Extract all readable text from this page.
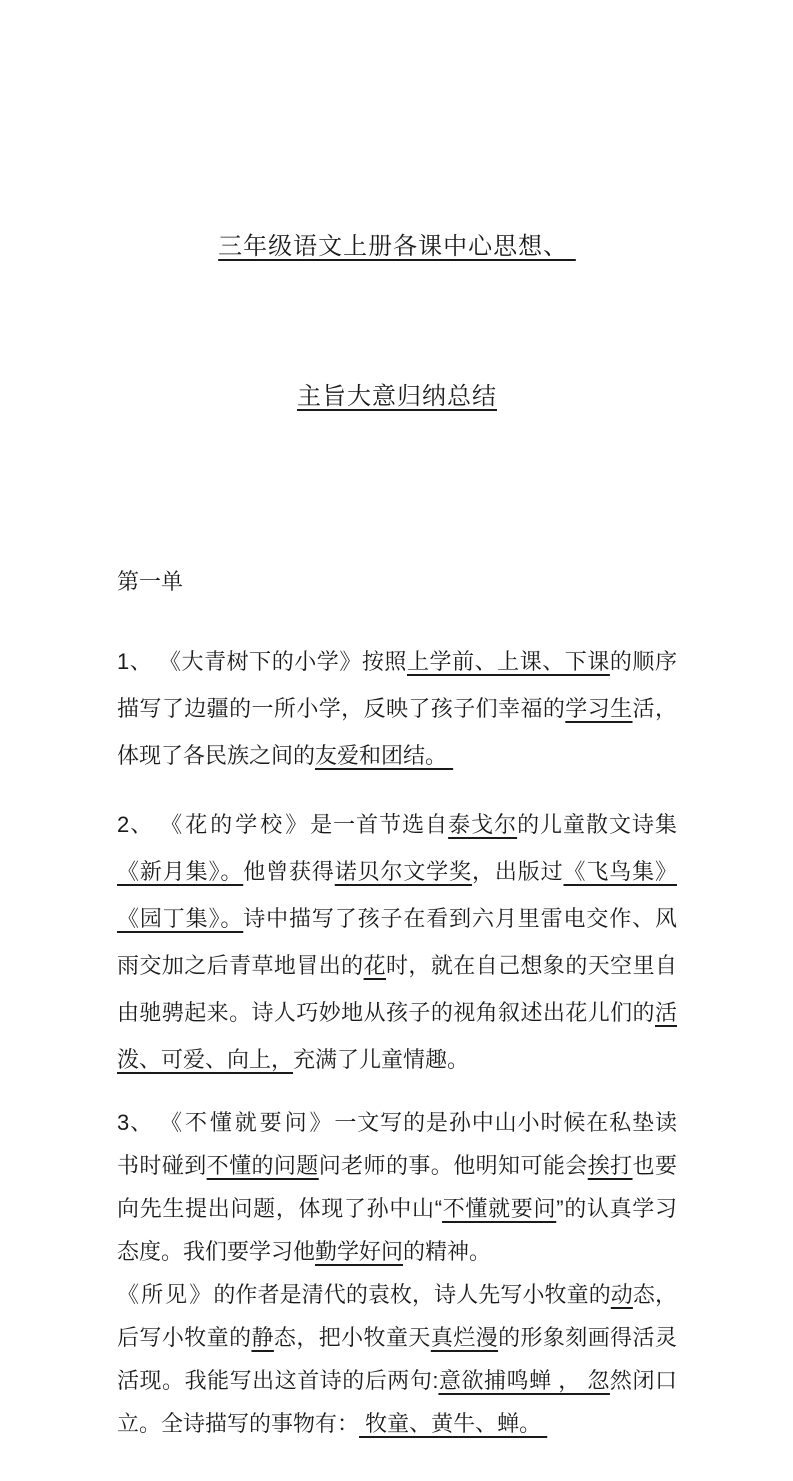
三年级语文上册各课中心思想、

主旨大意归纳总结

第一单

1、 《大青树下的小学》按照上学前、上课、下课的顺序描写了边疆的一所小学，反映了孩子们幸福的学习生活，体现了各民族之间的友爱和团结。

2、 《花的学校》是一首节选自泰戈尔的儿童散文诗集《新月集》。他曾获得诺贝尔文学奖，出版过《飞鸟集》《园丁集》。诗中描写了孩子在看到六月里雷电交作、风雨交加之后青草地冒出的花时，就在自己想象的天空里自由驰骋起来。诗人巧妙地从孩子的视角叙述出花儿们的活泼、可爱、向上，充满了儿童情趣。

3、 《不懂就要问》一文写的是孙中山小时候在私垫读书时碰到不懂的问题问老师的事。他明知可能会挨打也要向先生提出问题，体现了孙中山“不懂就要问”的认真学习态度。我们要学习他勤学好问的精神。

《所见》的作者是清代的袁枚，诗人先写小牧童的动态，后写小牧童的静态，把小牧童天真烂漫的形象刻画得活灵活现。我能写出这首诗的后两句:意欲捕鸣蝉 ， 忽然闭口立。全诗描写的事物有： 牧童、黄牛、蝉。
